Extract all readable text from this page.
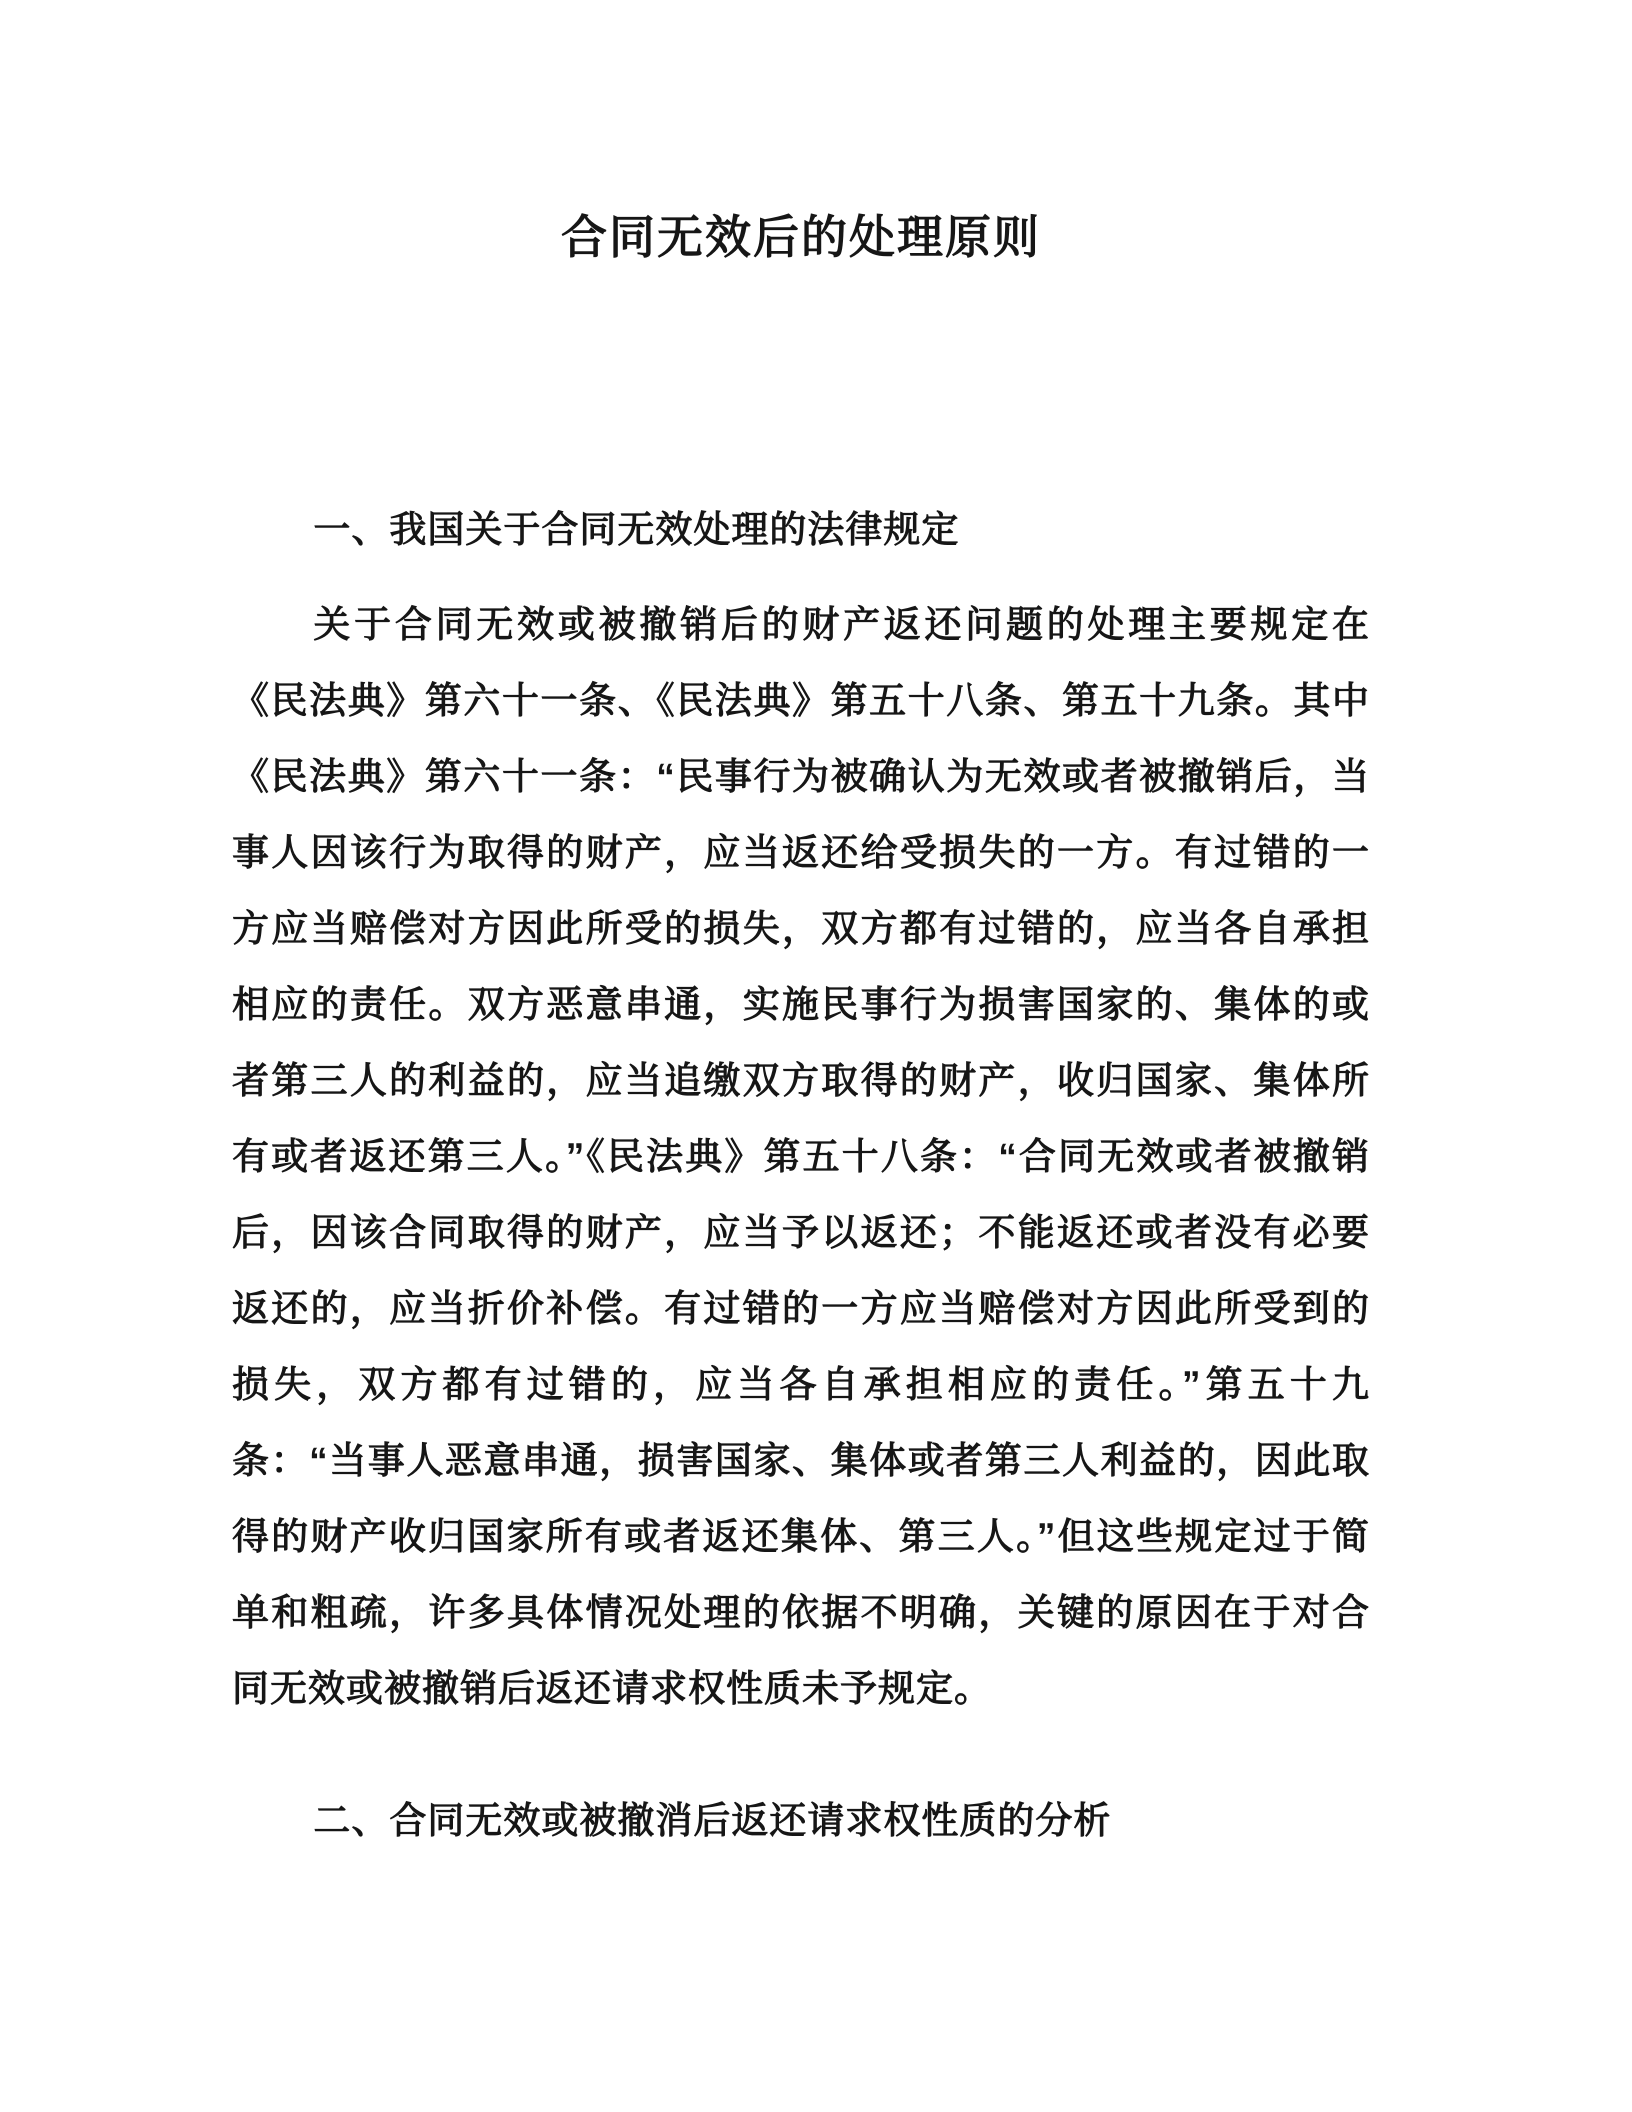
合同无效后的处理原则
一、我国关于合同无效处理的法律规定

关于合同无效或被撤销后的财产返还问题的处理主要规定在《民法典》第六十一条、《民法典》第五十八条、第五十九条。其中《民法典》第六十一条：“民事行为被确认为无效或者被撤销后，当事人因该行为取得的财产，应当返还给受损失的一方。有过错的一方应当赔偿对方因此所受的损失，双方都有过错的，应当各自承担相应的责任。双方恶意串通，实施民事行为损害国家的、集体的或者第三人的利益的，应当追缴双方取得的财产，收归国家、集体所有或者返还第三人。”《民法典》第五十八条：“合同无效或者被撤销后，因该合同取得的财产，应当予以返还；不能返还或者没有必要返还的，应当折价补偿。有过错的一方应当赔偿对方因此所受到的损失，双方都有过错的，应当各自承担相应的责任。”第五十九条：“当事人恶意串通，损害国家、集体或者第三人利益的，因此取得的财产收归国家所有或者返还集体、第三人。”但这些规定过于简单和粗疏，许多具体情况处理的依据不明确，关键的原因在于对合同无效或被撤销后返还请求权性质未予规定。

二、合同无效或被撤消后返还请求权性质的分析
